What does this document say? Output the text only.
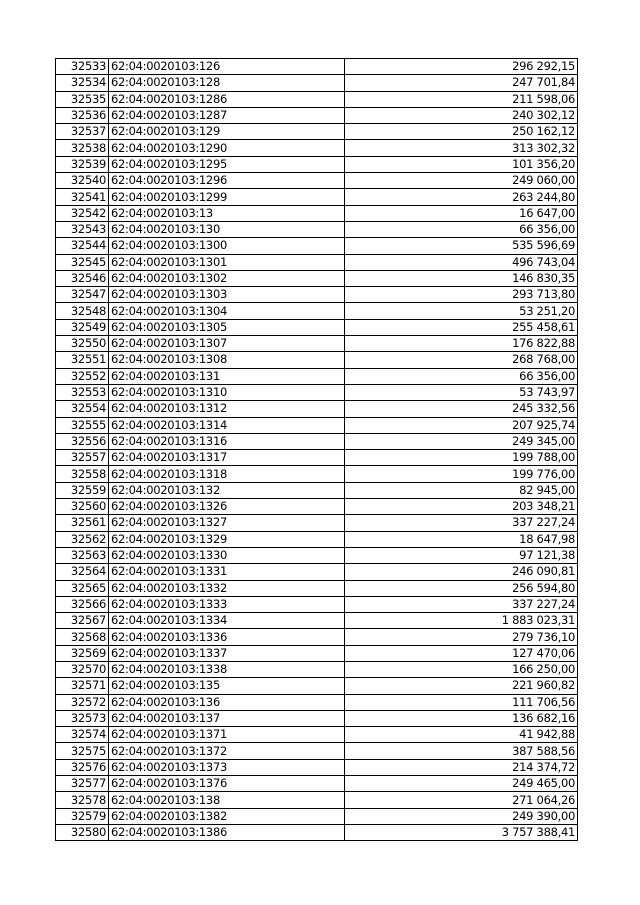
32533	62:04:0020103:126	296 292,15
32534	62:04:0020103:128	247 701,84
32535	62:04:0020103:1286	211 598,06
32536	62:04:0020103:1287	240 302,12
32537	62:04:0020103:129	250 162,12
32538	62:04:0020103:1290	313 302,32
32539	62:04:0020103:1295	101 356,20
32540	62:04:0020103:1296	249 060,00
32541	62:04:0020103:1299	263 244,80
32542	62:04:0020103:13	16 647,00
32543	62:04:0020103:130	66 356,00
32544	62:04:0020103:1300	535 596,69
32545	62:04:0020103:1301	496 743,04
32546	62:04:0020103:1302	146 830,35
32547	62:04:0020103:1303	293 713,80
32548	62:04:0020103:1304	53 251,20
32549	62:04:0020103:1305	255 458,61
32550	62:04:0020103:1307	176 822,88
32551	62:04:0020103:1308	268 768,00
32552	62:04:0020103:131	66 356,00
32553	62:04:0020103:1310	53 743,97
32554	62:04:0020103:1312	245 332,56
32555	62:04:0020103:1314	207 925,74
32556	62:04:0020103:1316	249 345,00
32557	62:04:0020103:1317	199 788,00
32558	62:04:0020103:1318	199 776,00
32559	62:04:0020103:132	82 945,00
32560	62:04:0020103:1326	203 348,21
32561	62:04:0020103:1327	337 227,24
32562	62:04:0020103:1329	18 647,98
32563	62:04:0020103:1330	97 121,38
32564	62:04:0020103:1331	246 090,81
32565	62:04:0020103:1332	256 594,80
32566	62:04:0020103:1333	337 227,24
32567	62:04:0020103:1334	1 883 023,31
32568	62:04:0020103:1336	279 736,10
32569	62:04:0020103:1337	127 470,06
32570	62:04:0020103:1338	166 250,00
32571	62:04:0020103:135	221 960,82
32572	62:04:0020103:136	111 706,56
32573	62:04:0020103:137	136 682,16
32574	62:04:0020103:1371	41 942,88
32575	62:04:0020103:1372	387 588,56
32576	62:04:0020103:1373	214 374,72
32577	62:04:0020103:1376	249 465,00
32578	62:04:0020103:138	271 064,26
32579	62:04:0020103:1382	249 390,00
32580	62:04:0020103:1386	3 757 388,41
